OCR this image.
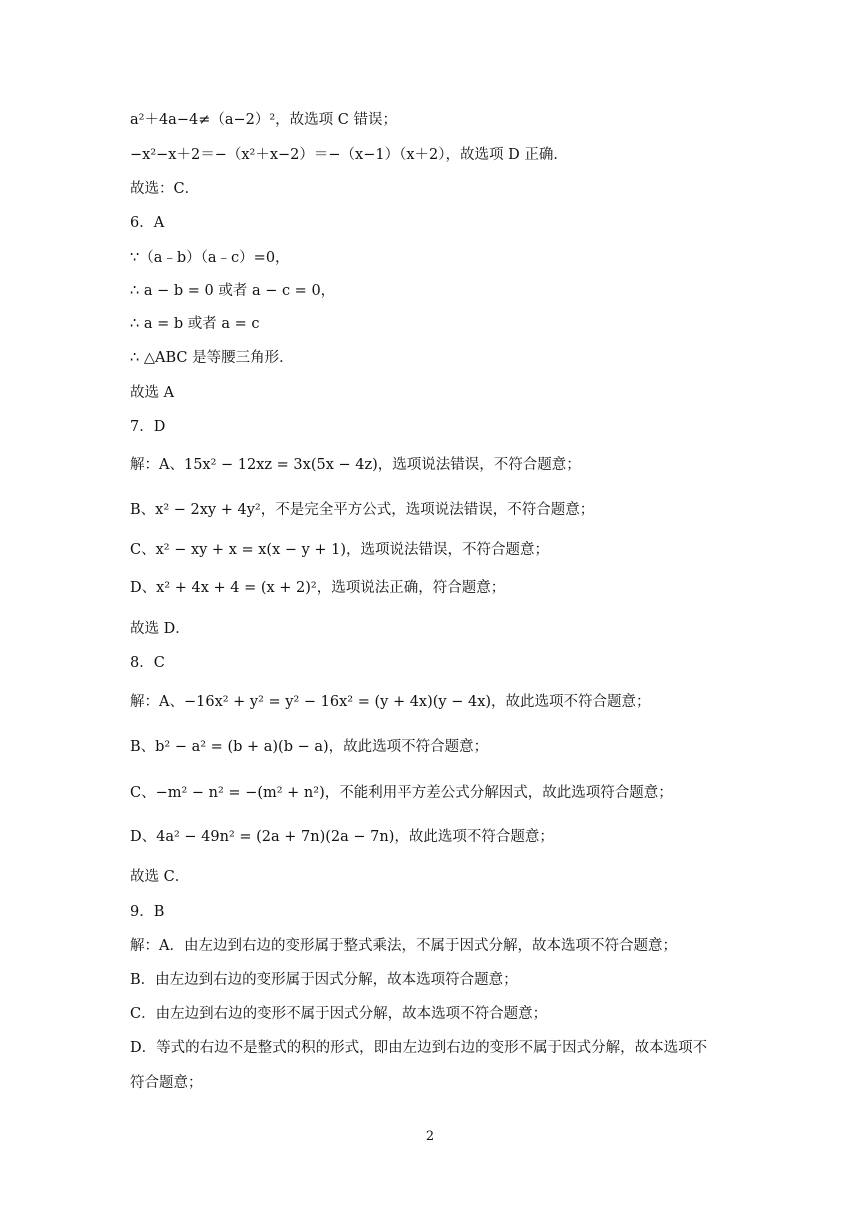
a²＋4a−4≠（a−2）²，故选项 C 错误；
−x²−x＋2＝−（x²＋x−2）＝−（x−1）（x＋2），故选项 D 正确．
故选：C．
6．A
∵（a﹣b）（a﹣c）=0，
∴ a − b = 0 或者 a − c = 0，
∴ a = b 或者 a = c
∴ △ABC 是等腰三角形．
故选 A
7．D
解：A、15x² − 12xz = 3x(5x − 4z)，选项说法错误，不符合题意；
B、x² − 2xy + 4y²，不是完全平方公式，选项说法错误，不符合题意；
C、x² − xy + x = x(x − y + 1)，选项说法错误，不符合题意；
D、x² + 4x + 4 = (x + 2)²，选项说法正确，符合题意；
故选 D．
8．C
解：A、−16x² + y² = y² − 16x² = (y + 4x)(y − 4x)，故此选项不符合题意；
B、b² − a² = (b + a)(b − a)，故此选项不符合题意；
C、−m² − n² = −(m² + n²)，不能利用平方差公式分解因式，故此选项符合题意；
D、4a² − 49n² = (2a + 7n)(2a − 7n)，故此选项不符合题意；
故选 C．
9．B
解：A．由左边到右边的变形属于整式乘法，不属于因式分解，故本选项不符合题意；
B．由左边到右边的变形属于因式分解，故本选项符合题意；
C．由左边到右边的变形不属于因式分解，故本选项不符合题意；
D．等式的右边不是整式的积的形式，即由左边到右边的变形不属于因式分解，故本选项不
符合题意；
2
